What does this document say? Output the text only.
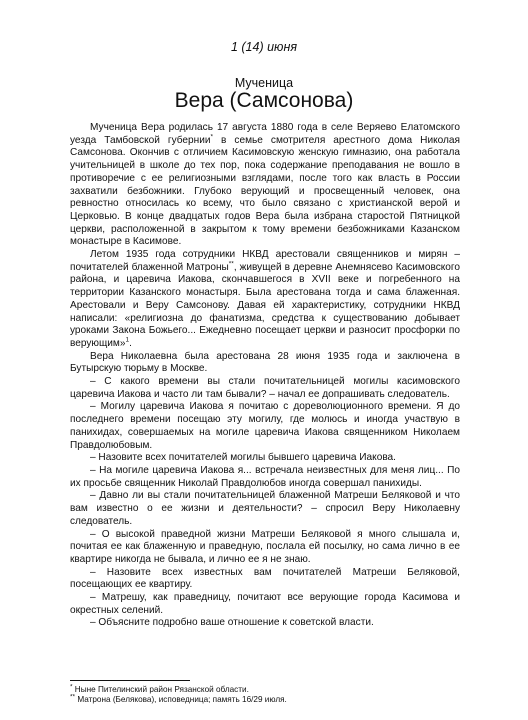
1 (14) июня
Мученица
Вера (Самсонова)

Мученица Вера родилась 17 августа 1880 года в селе Веряево Елатомского уезда Тамбовской губернии* в семье смотрителя арестного дома Николая Самсонова. Окончив с отличием Касимовскую женскую гимназию, она работала учительницей в школе до тех пор, пока содержание преподавания не вошло в противоречие с ее религиозными взглядами, после того как власть в России захватили безбожники. Глубоко верующий и просвещенный человек, она ревностно относилась ко всему, что было связано с христианской верой и Церковью. В конце двадцатых годов Вера была избрана старостой Пятницкой церкви, расположенной в закрытом к тому времени безбожниками Казанском монастыре в Касимове.

Летом 1935 года сотрудники НКВД арестовали священников и мирян – почитателей блаженной Матроны**, живущей в деревне Анемнясево Касимовского района, и царевича Иакова, скончавшегося в XVII веке и погребенного на территории Казанского монастыря. Была арестована тогда и сама блаженная. Арестовали и Веру Самсонову. Давая ей характеристику, сотрудники НКВД написали: «религиозна до фанатизма, средства к существованию добывает уроками Закона Божьего... Ежедневно посещает церкви и разносит просфорки по верующим»$^1$.

Вера Николаевна была арестована 28 июня 1935 года и заключена в Бутырскую тюрьму в Москве.

– С какого времени вы стали почитательницей могилы касимовского царевича Иакова и часто ли там бывали? – начал ее допрашивать следователь.

– Могилу царевича Иакова я почитаю с дореволюционного времени. Я до последнего времени посещаю эту могилу, где молюсь и иногда участвую в панихидах, совершаемых на могиле царевича Иакова священником Николаем Правдолюбовым.

– Назовите всех почитателей могилы бывшего царевича Иакова.

– На могиле царевича Иакова я... встречала неизвестных для меня лиц... По их просьбе священник Николай Правдолюбов иногда совершал панихиды.

– Давно ли вы стали почитательницей блаженной Матреши Беляковой и что вам известно о ее жизни и деятельности? – спросил Веру Николаевну следователь.

– О высокой праведной жизни Матреши Беляковой я много слышала и, почитая ее как блаженную и праведную, послала ей посылку, но сама лично в ее квартире никогда не бывала, и лично ее я не знаю.

– Назовите всех известных вам почитателей Матреши Беляковой, посещающих ее квартиру.

– Матрешу, как праведницу, почитают все верующие города Касимова и окрестных селений.

– Объясните подробно ваше отношение к советской власти.

* Ныне Пителинский район Рязанской области.
** Матрона (Белякова), исповедница; память 16/29 июля.
